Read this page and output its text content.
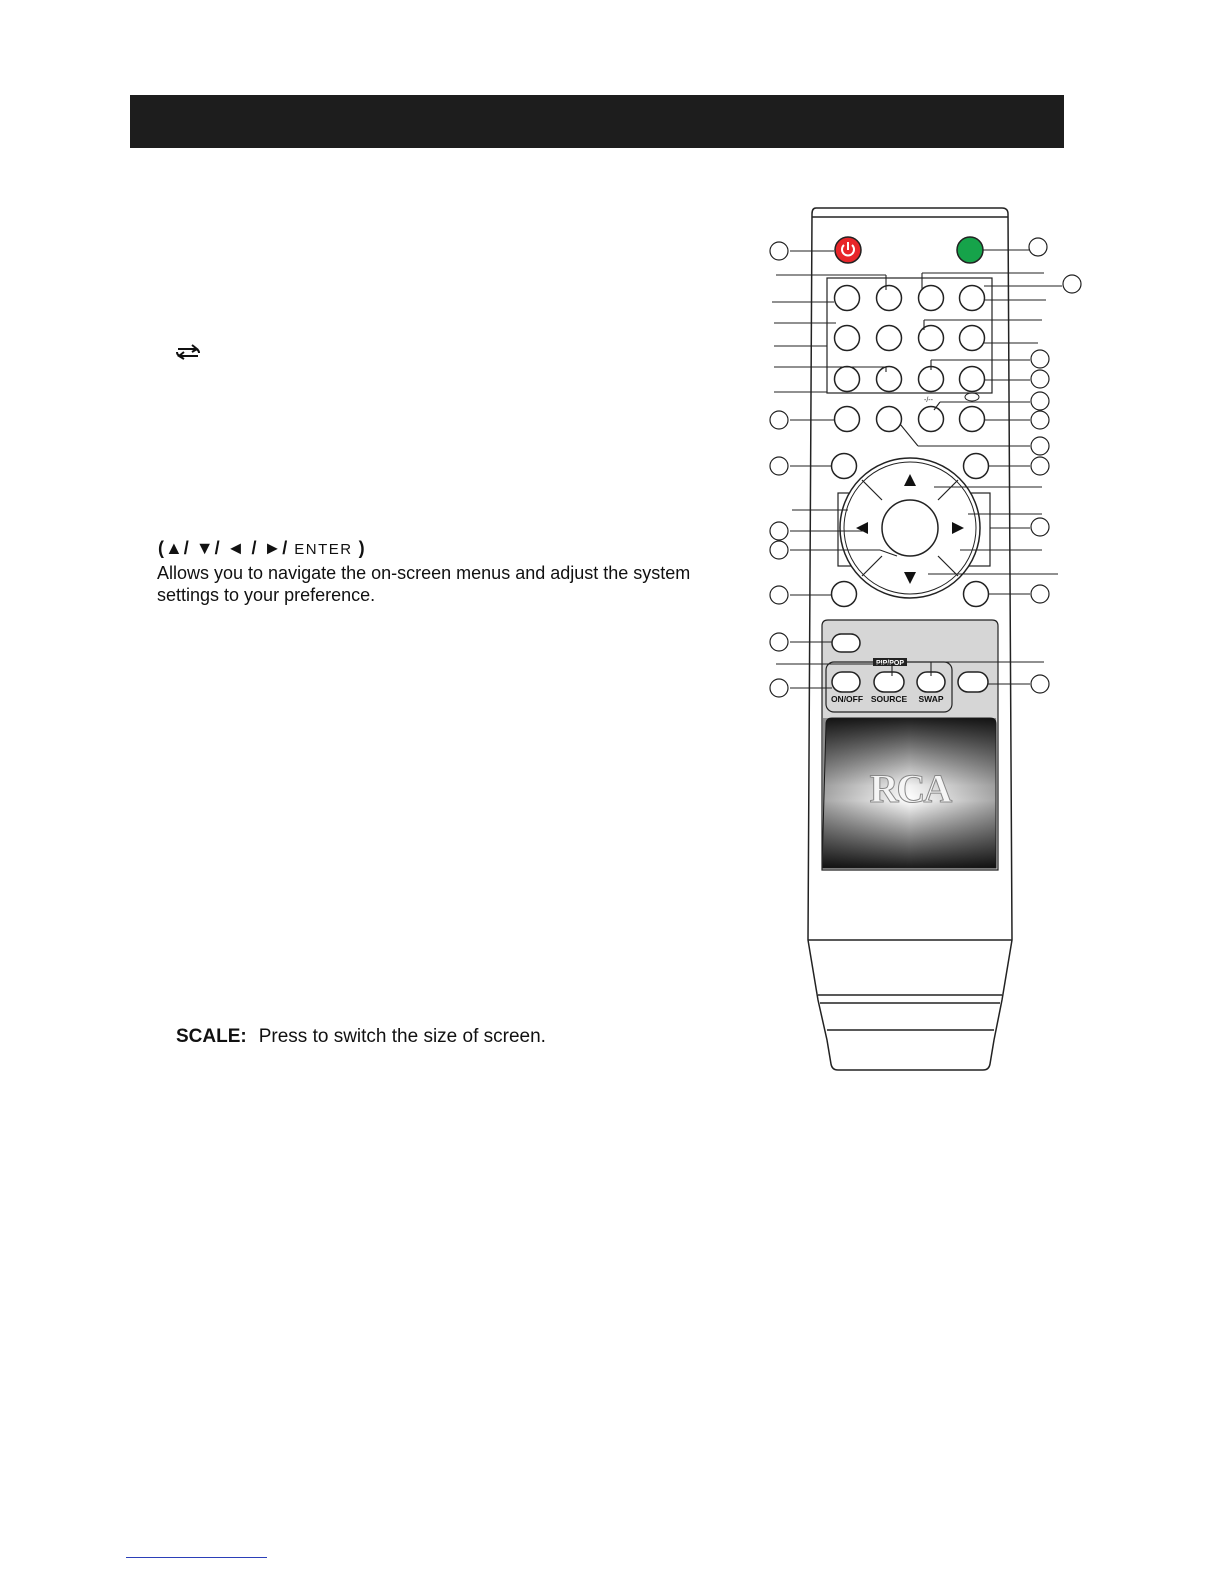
(▲/ ▼/ ◄ / ►/ ENTER )
Allows you to navigate the on-screen menus and adjust the system settings to your preference.
SCALE: Press to switch the size of screen.
-/--
PIP/POP
ON/OFF SOURCE SWAP
RCA
